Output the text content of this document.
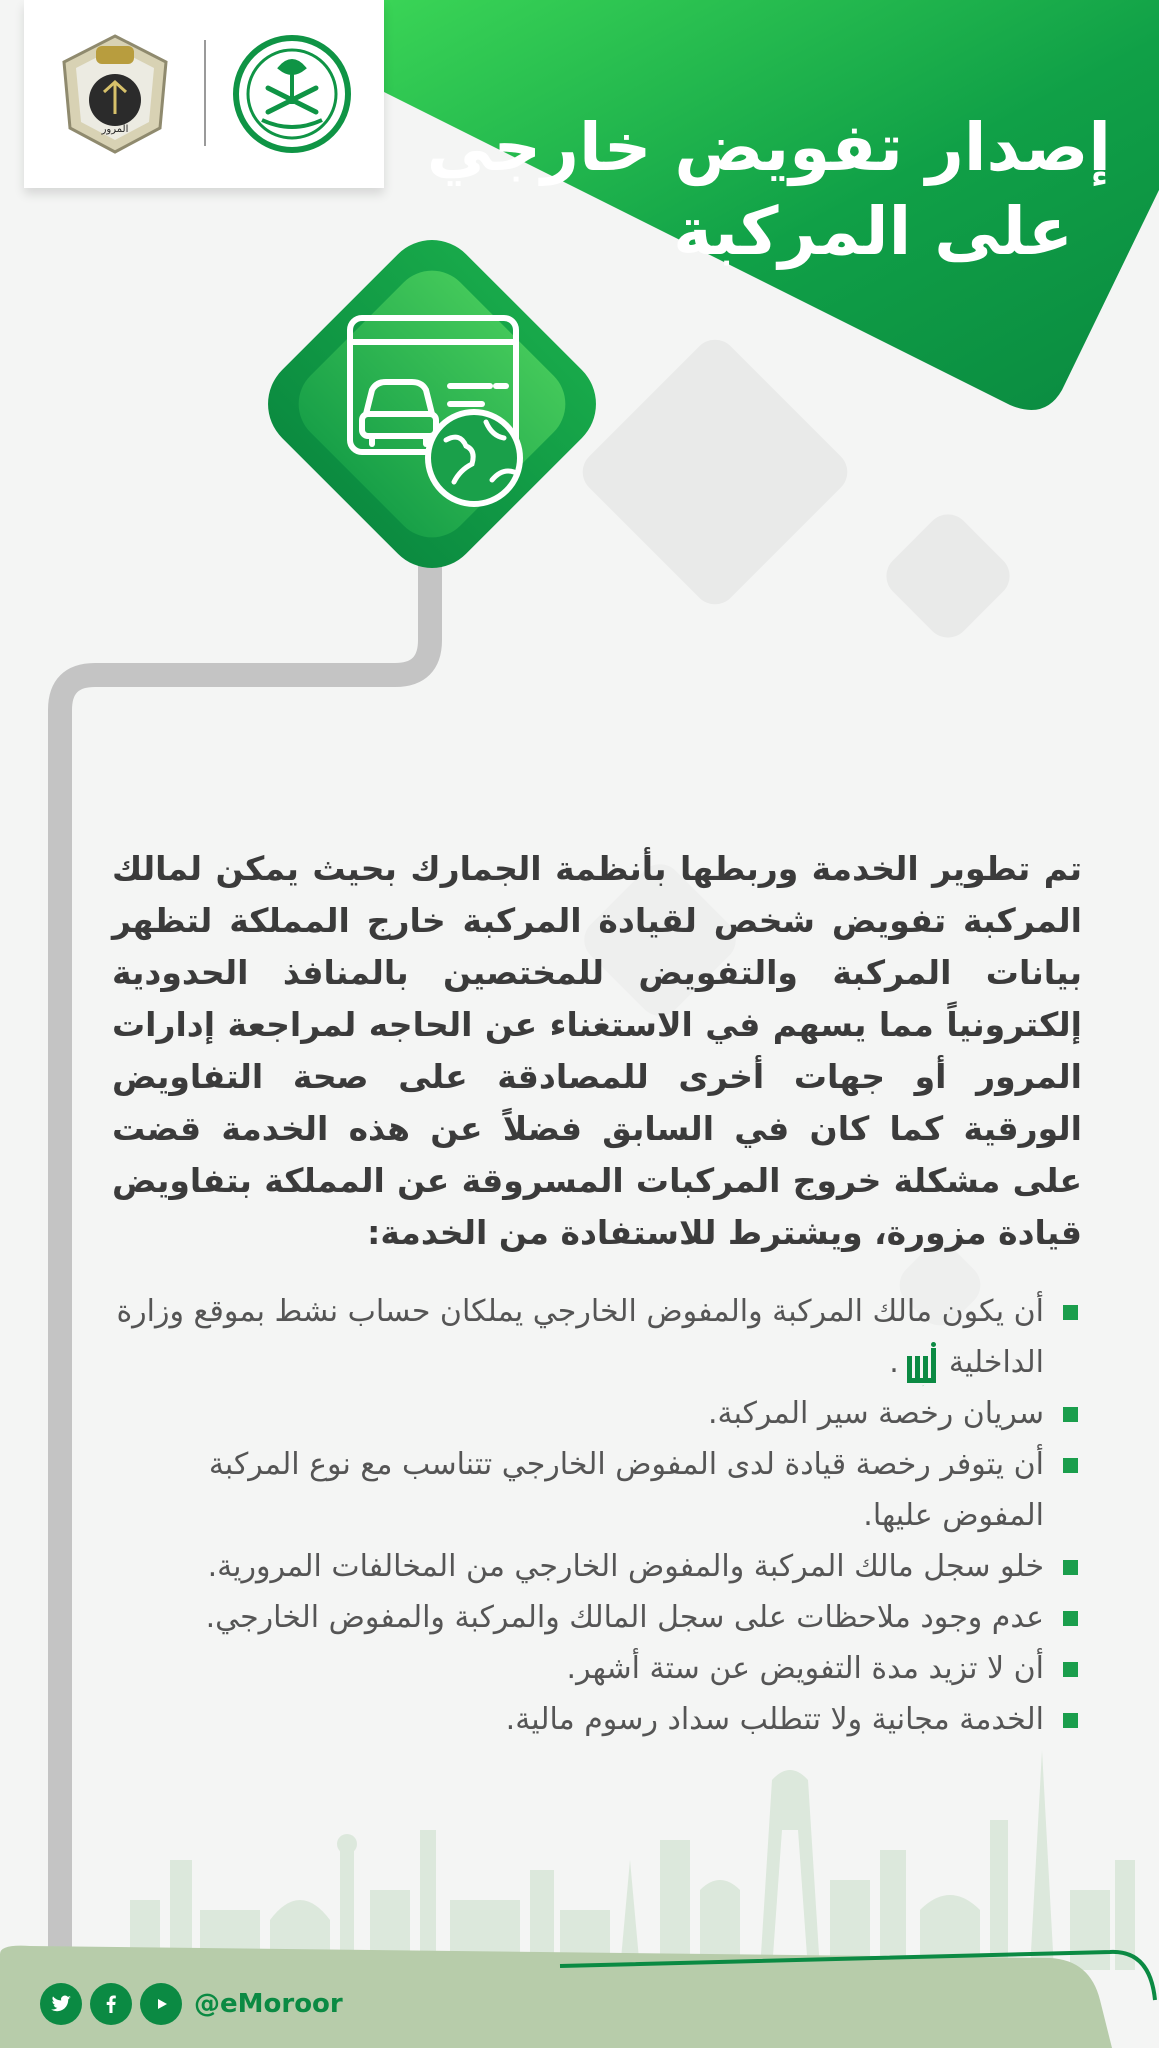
المرور	إصدار تفويض خارجي
على المركبة

تم تطوير الخدمة وربطها بأنظمة الجمارك بحيث يمكن لمالك المركبة تفويض شخص لقيادة المركبة خارج المملكة لتظهر بيانات المركبة والتفويض للمختصين بالمنافذ الحدودية إلكترونياً مما يسهم في الاستغناء عن الحاجه لمراجعة إدارات المرور أو جهات أخرى للمصادقة على صحة التفاويض الورقية كما كان في السابق فضلاً عن هذه الخدمة قضت على مشكلة خروج المركبات المسروقة عن المملكة بتفاويض قيادة مزورة، ويشترط للاستفادة من الخدمة:

أن يكون مالك المركبة والمفوض الخارجي يملكان حساب نشط بموقع وزارة الداخلية
أبشر
.
سريان رخصة سير المركبة.
أن يتوفر رخصة قيادة لدى المفوض الخارجي تتناسب مع نوع المركبة المفوض عليها.
خلو سجل مالك المركبة والمفوض الخارجي من المخالفات المرورية.
عدم وجود ملاحظات على سجل المالك والمركبة والمفوض الخارجي.
أن لا تزيد مدة التفويض عن ستة أشهر.
الخدمة مجانية ولا تتطلب سداد رسوم مالية.
@eMoroor
